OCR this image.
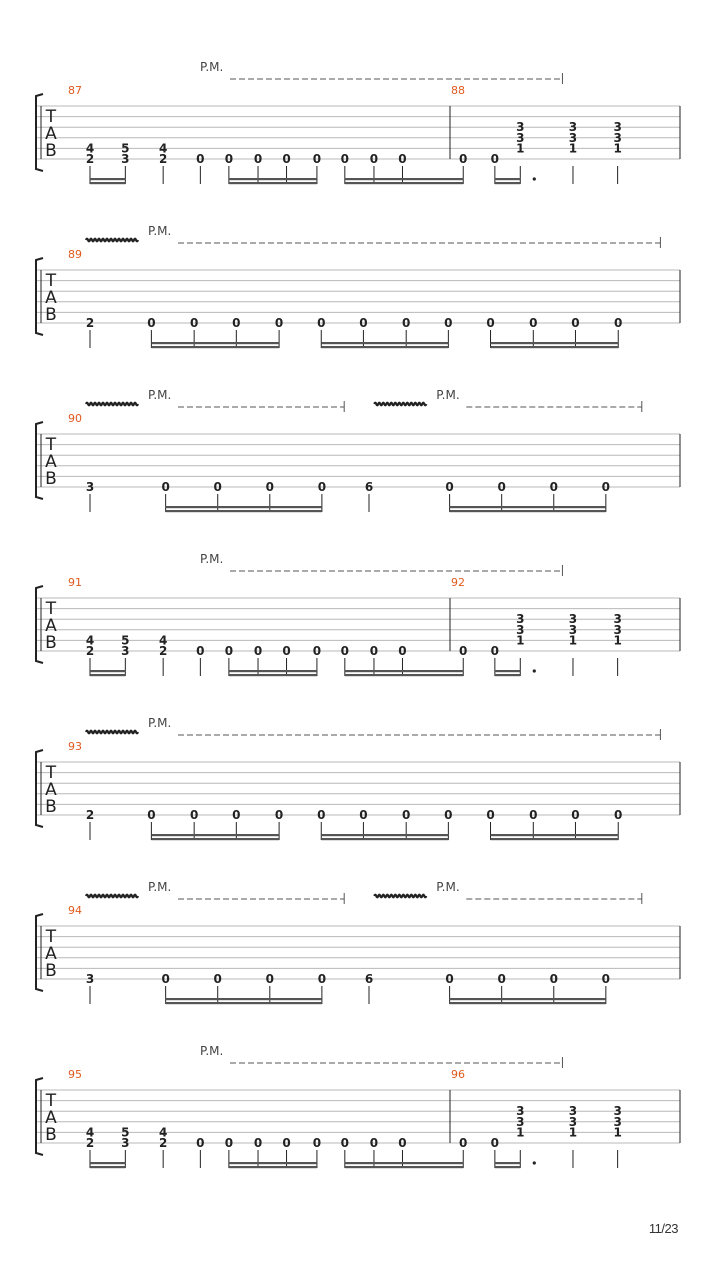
T
A
B
87	88
P.M.
4
2
5
3
4
2 0 0 0 0 0 0 0 0	0 0
3
3
1
3
3
1
3
3
1
T
A
B
89
P.M.
2	0	0	0	0	0	0	0	0	0	0	0	0
T
A
B
90
P.M.	P.M.
3	0	0	0	0	6	0	0	0	0
T
A
B
91	92
P.M.
4
2
5
3
4
2 0 0 0 0 0 0 0 0	0 0
3
3
1
3
3
1
3
3
1
T
A
B
93
P.M.
2	0	0	0	0	0	0	0	0	0	0	0	0
T
A
B
94
P.M.	P.M.
3	0	0	0	0	6	0	0	0	0
T
A
B
95	96
P.M.
4
2
5
3
4
2 0 0 0 0 0 0 0 0	0 0
3
3
1
3
3
1
3
3
1
11/23
